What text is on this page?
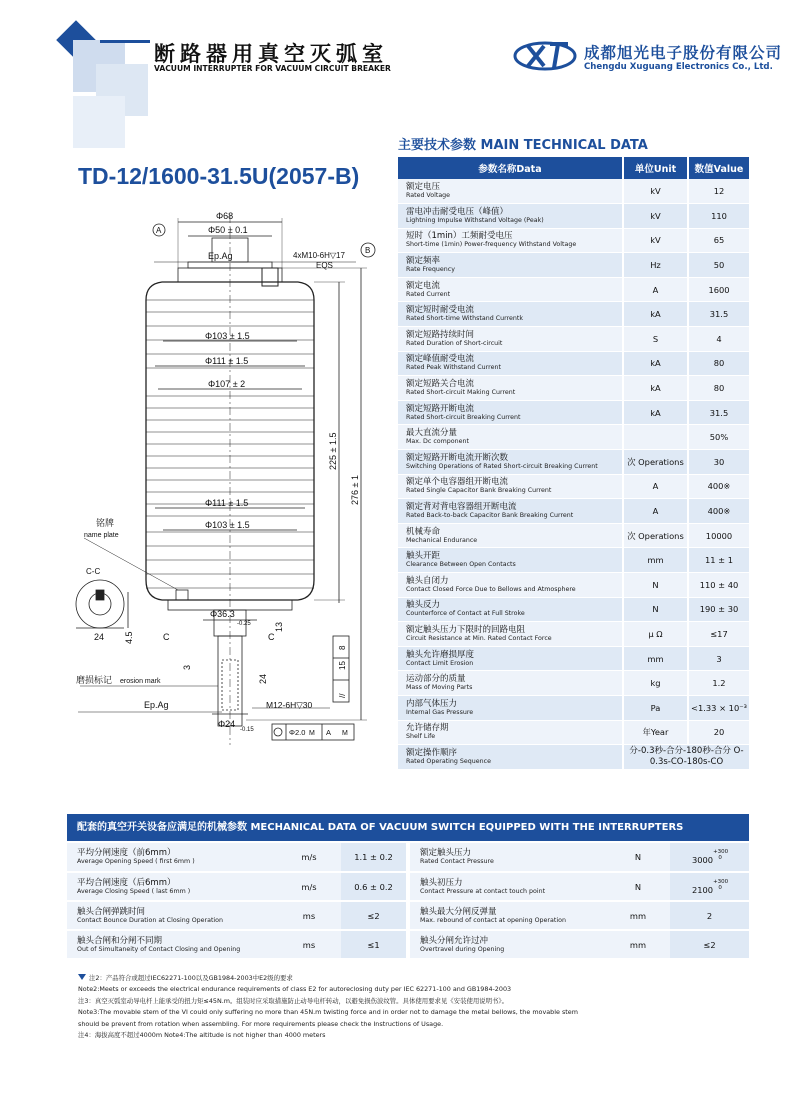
断路器用真空灭弧室
VACUUM INTERRUPTER FOR VACUUM CIRCUIT BREAKER
成都旭光电子股份有限公司
Chengdu Xuguang Electronics Co., Ltd.
TD-12/1600-31.5U(2057-B)
Φ68
Φ50 ± 0.1
Ep.Ag	4xM10-6H▽17
EQS
Φ103 ± 1.5
Φ111 ± 1.5
Φ107 ± 2
Φ111 ± 1.5
Φ103 ± 1.5
225 ± 1.5
276 ± 1
铭牌
name plate
C-C
24 4.5	C	C
Φ36.3
-0.25	13
15
8
//
磨损标记 erosion mark
3
24
Ep.Ag	M12-6H▽30
Φ24
-0.15	Φ2.0 M A M
A
B
主要技术参数 MAIN TECHNICAL DATA
参数名称Data	单位Unit	数值Value

额定电压
Rated Voltage	kV	12

雷电冲击耐受电压（峰值）
Lightning Impulse Withstand Voltage (Peak)	kV	110

短时（1min）工频耐受电压
Short-time (1min) Power-frequency Withstand Voltage	kV	65

额定频率
Rate Frequency	Hz	50

额定电流
Rated Current	A	1600

额定短时耐受电流
Rated Short-time Withstand Currentk	kA	31.5

额定短路持续时间
Rated Duration of Short-circuit	S	4

额定峰值耐受电流
Rated Peak Withstand Current	kA	80

额定短路关合电流
Rated Short-circuit Making Current	kA	80

额定短路开断电流
Rated Short-circuit Breaking Current	kA	31.5

最大直流分量
Max. Dc component		50%

额定短路开断电流开断次数
Switching Operations of Rated Short-circuit Breaking Current	次 Operations	30

额定单个电容器组开断电流
Rated Single Capacitor Bank Breaking Current	A	400※

额定背对背电容器组开断电流
Rated Back-to-back Capacitor Bank Breaking Current	A	400※

机械寿命
Mechanical Endurance	次 Operations	10000

触头开距
Clearance Between Open Contacts	mm	11 ± 1

触头自闭力
Contact Closed Force Due to Bellows and Atmosphere	N	110 ± 40

触头反力
Counterforce of Contact at Full Stroke	N	190 ± 30

额定触头压力下限时的回路电阻
Circuit Resistance at Min. Rated Contact Force	μ Ω	≤17

触头允许磨损厚度
Contact Limit Erosion	mm	3

运动部分的质量
Mass of Moving Parts	kg	1.2

内部气体压力
Internal Gas Pressure	Pa	<1.33 × 10⁻³

允许储存期
Shelf Life	年Year	20

额定操作顺序
Rated Operating Sequence	分-0.3秒-合分-180秒-合分 O-0.3s-CO-180s-CO	
配套的真空开关设备应满足的机械参数 MECHANICAL DATA OF VACUUM SWITCH EQUIPPED WITH THE INTERRUPTERS
平均分闸速度（前6mm）
Average Opening Speed ( first 6mm )	m/s	1.1 ± 0.2

平均合闸速度（后6mm）
Average Closing Speed ( last 6mm )	m/s	0.6 ± 0.2

触头合闸弹跳时间
Contact Bounce Duration at Closing Operation	ms	≤2

触头合闸和分闸不同期
Out of Simultaneity of Contact Closing and Opening	ms	≤1
额定触头压力
Rated Contact Pressure	N	$3000^{+300 0}$

触头初压力
Contact Pressure at contact touch point	N	$2100^{+300 0}$

触头最大分闸反弹量
Max. rebound of contact at opening Operation	mm	2

触头分闸允许过冲
Overtravel during Opening	mm	≤2
注2：产品符合或超过IEC62271-100以及GB1984-2003中E2级的要求
Note2:Meets or exceeds the electrical endurance requirements of class E2 for autoreclosing duty per IEC 62271-100 and GB1984-2003
注3：真空灭弧室动导电杆上能承受的扭力矩≤45N.m。组装时应采取措施防止动导电杆转动，以避免损伤波纹管。具体使用要求见《安装使用说明书》。
Note3:The movable stem of the VI could only suffering no more than 45N.m twisting force and in order not to damage the metal bellows, the movable stem
should be prevent from rotation when assembling. For more requirements please check the Instructions of Usage.
注4：海拔高度不超过4000m Note4:The altitude is not higher than 4000 meters
